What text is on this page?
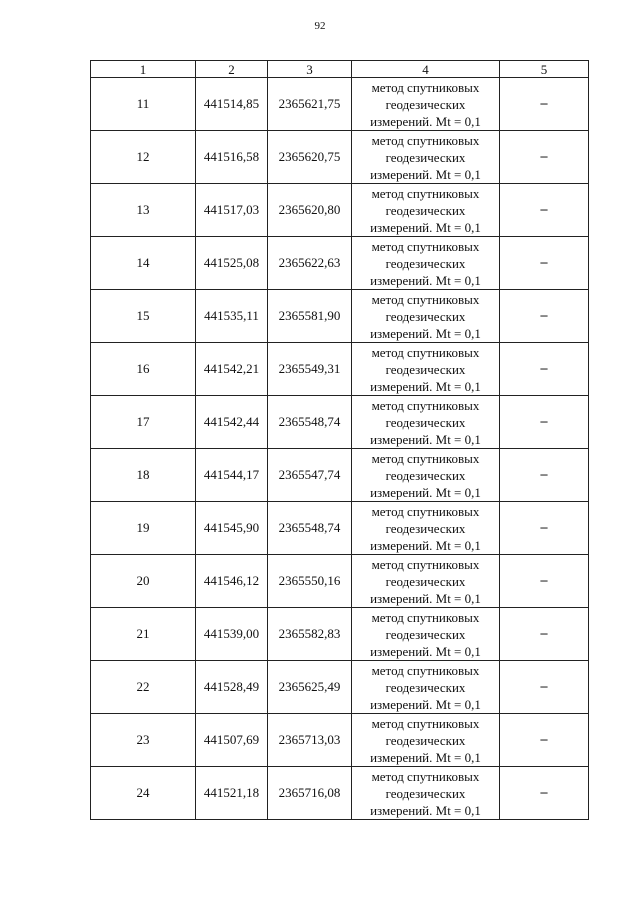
92
1	2	3	4	5
11	441514,85	2365621,75	метод спутниковых
геодезических
измерений. Mt = 0,1	–
12	441516,58	2365620,75	метод спутниковых
геодезических
измерений. Mt = 0,1	–
13	441517,03	2365620,80	метод спутниковых
геодезических
измерений. Mt = 0,1	–
14	441525,08	2365622,63	метод спутниковых
геодезических
измерений. Mt = 0,1	–
15	441535,11	2365581,90	метод спутниковых
геодезических
измерений. Mt = 0,1	–
16	441542,21	2365549,31	метод спутниковых
геодезических
измерений. Mt = 0,1	–
17	441542,44	2365548,74	метод спутниковых
геодезических
измерений. Mt = 0,1	–
18	441544,17	2365547,74	метод спутниковых
геодезических
измерений. Mt = 0,1	–
19	441545,90	2365548,74	метод спутниковых
геодезических
измерений. Mt = 0,1	–
20	441546,12	2365550,16	метод спутниковых
геодезических
измерений. Mt = 0,1	–
21	441539,00	2365582,83	метод спутниковых
геодезических
измерений. Mt = 0,1	–
22	441528,49	2365625,49	метод спутниковых
геодезических
измерений. Mt = 0,1	–
23	441507,69	2365713,03	метод спутниковых
геодезических
измерений. Mt = 0,1	–
24	441521,18	2365716,08	метод спутниковых
геодезических
измерений. Mt = 0,1	–
